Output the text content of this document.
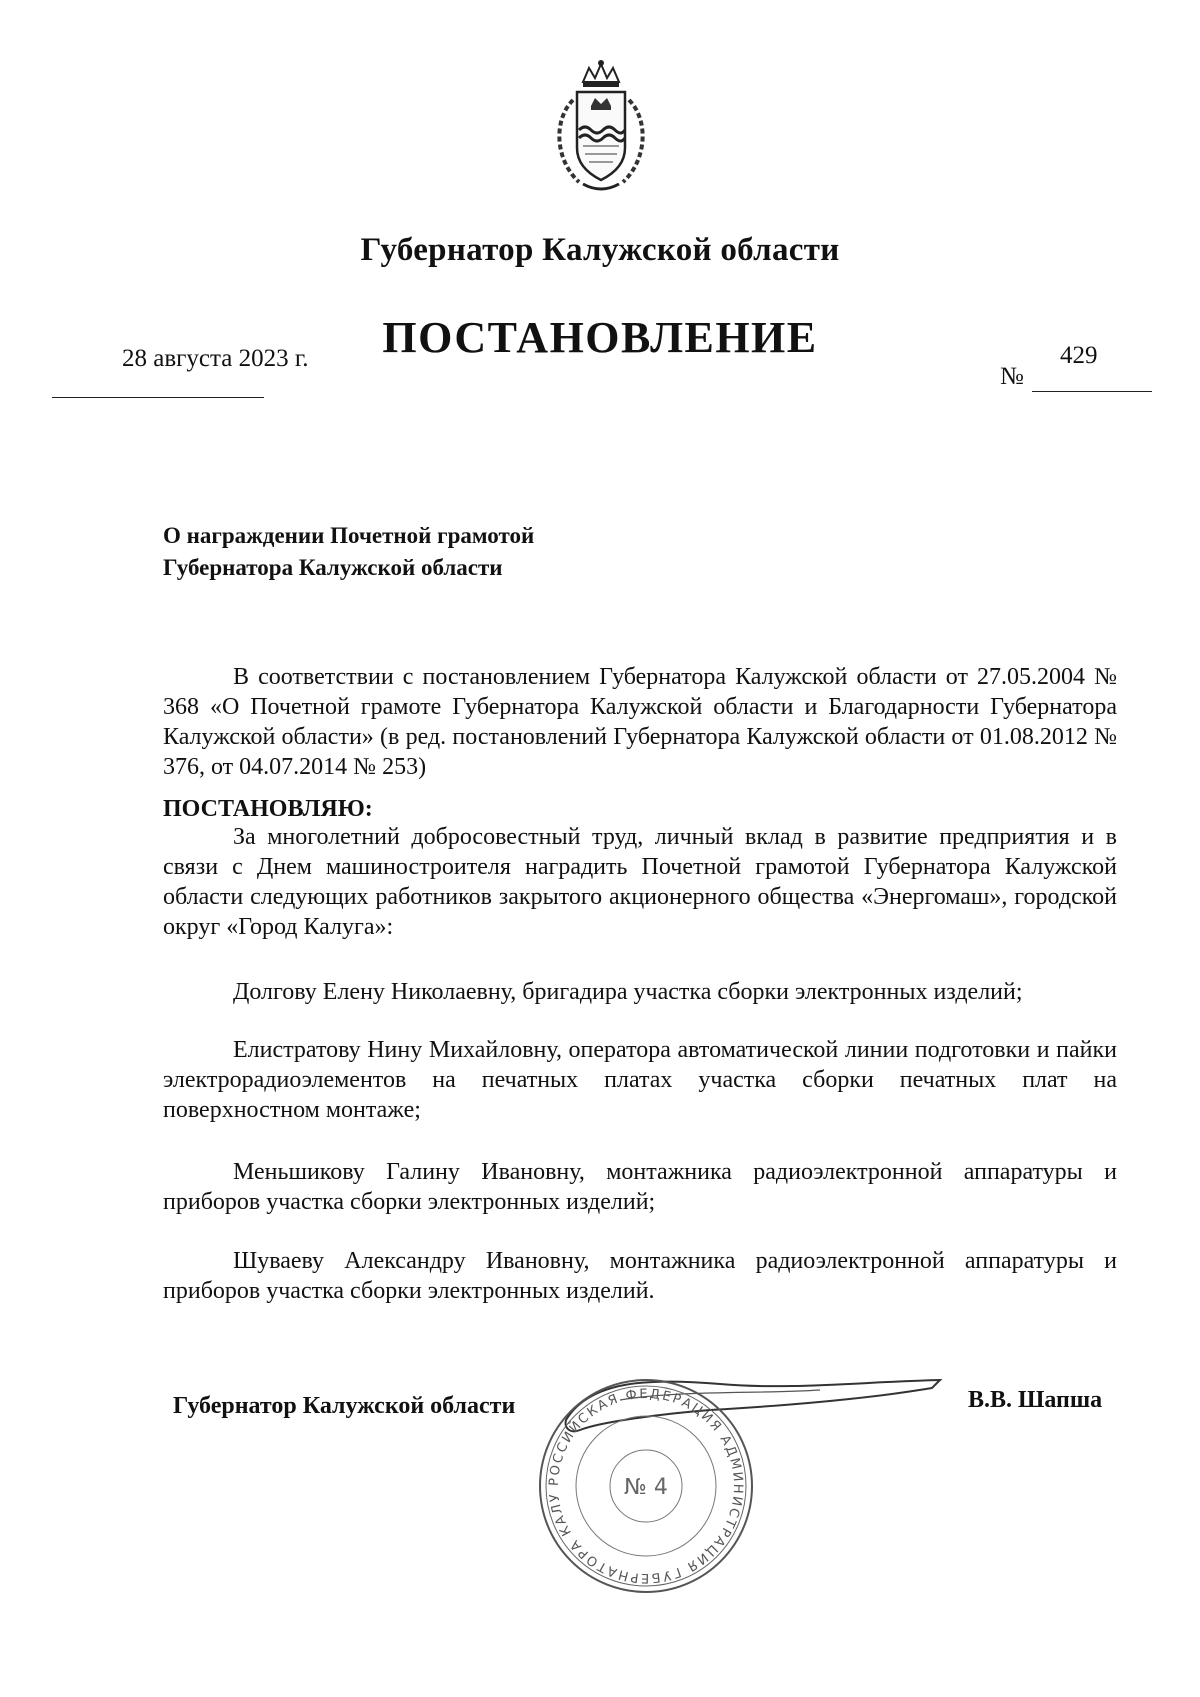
Губернатор Калужской области
ПОСТАНОВЛЕНИЕ
28 августа 2023 г.	429
№
О награждении Почетной грамотой
Губернатора Калужской области
В соответствии с постановлением Губернатора Калужской области от 27.05.2004 № 368 «О Почетной грамоте Губернатора Калужской области и Благодарности Губернатора Калужской области» (в ред. постановлений Губернатора Калужской области от 01.08.2012 № 376, от 04.07.2014 № 253)
ПОСТАНОВЛЯЮ:
За многолетний добросовестный труд, личный вклад в развитие предприятия и в связи с Днем машиностроителя наградить Почетной грамотой Губернатора Калужской области следующих работников закрытого акционерного общества «Энергомаш», городской округ «Город Калуга»:
Долгову Елену Николаевну, бригадира участка сборки электронных изделий;
Елистратову Нину Михайловну, оператора автоматической линии подготовки и пайки электрорадиоэлементов на печатных платах участка сборки печатных плат на поверхностном монтаже;
Меньшикову Галину Ивановну, монтажника радиоэлектронной аппаратуры и приборов участка сборки электронных изделий;
Шуваеву Александру Ивановну, монтажника радиоэлектронной аппаратуры и приборов участка сборки электронных изделий.
Губернатор Калужской области	В.В. Шапша
РОССИЙСКАЯ ФЕДЕРАЦИЯ АДМИНИСТРАЦИЯ ГУБЕРНАТОРА КАЛУ	№ 4
